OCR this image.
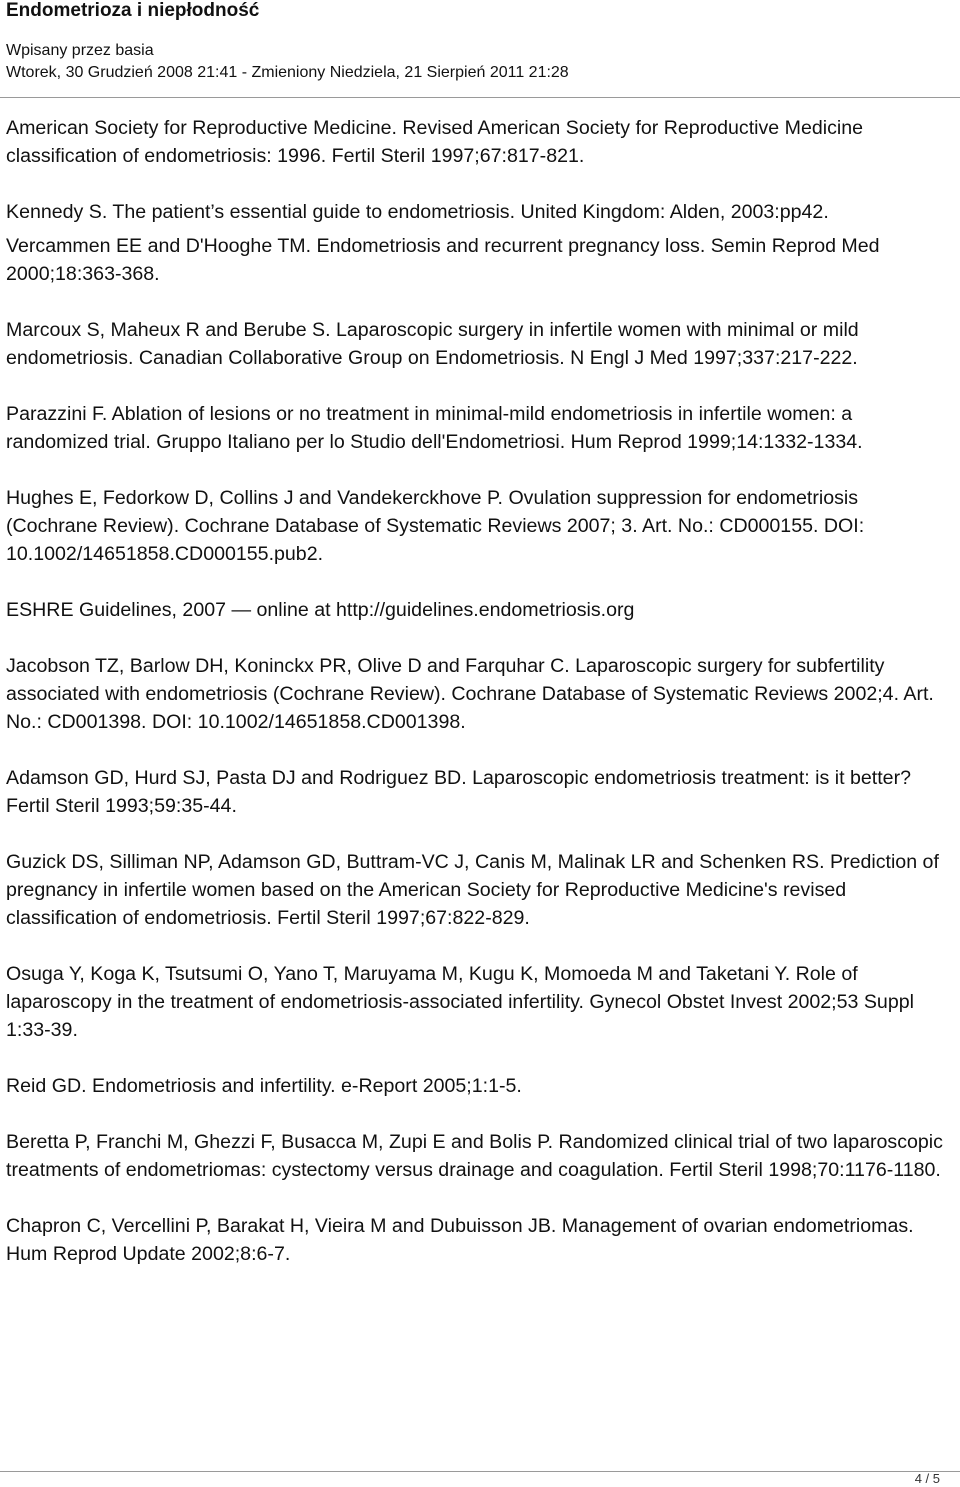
Endometrioza i niepłodność
Wpisany przez basia
Wtorek, 30 Grudzień 2008 21:41 - Zmieniony Niedziela, 21 Sierpień 2011 21:28

American Society for Reproductive Medicine. Revised American Society for Reproductive Medicine classification of endometriosis: 1996. Fertil Steril 1997;67:817-821.

Kennedy S. The patient’s essential guide to endometriosis. United Kingdom: Alden, 2003:pp42.

Vercammen EE and D'Hooghe TM. Endometriosis and recurrent pregnancy loss. Semin Reprod Med 2000;18:363-368.

Marcoux S, Maheux R and Berube S. Laparoscopic surgery in infertile women with minimal or mild endometriosis. Canadian Collaborative Group on Endometriosis. N Engl J Med 1997;337:217-222.

Parazzini F. Ablation of lesions or no treatment in minimal-mild endometriosis in infertile women: a randomized trial. Gruppo Italiano per lo Studio dell'Endometriosi. Hum Reprod 1999;14:1332-1334.

Hughes E, Fedorkow D, Collins J and Vandekerckhove P. Ovulation suppression for endometriosis (Cochrane Review). Cochrane Database of Systematic Reviews 2007; 3. Art. No.: CD000155. DOI: 10.1002/14651858.CD000155.pub2.

ESHRE Guidelines, 2007 — online at http://guidelines.endometriosis.org

Jacobson TZ, Barlow DH, Koninckx PR, Olive D and Farquhar C. Laparoscopic surgery for subfertility associated with endometriosis (Cochrane Review). Cochrane Database of Systematic Reviews 2002;4. Art. No.: CD001398. DOI: 10.1002/14651858.CD001398.

Adamson GD, Hurd SJ, Pasta DJ and Rodriguez BD. Laparoscopic endometriosis treatment: is it better? Fertil Steril 1993;59:35-44.

Guzick DS, Silliman NP, Adamson GD, Buttram-VC J, Canis M, Malinak LR and Schenken RS. Prediction of pregnancy in infertile women based on the American Society for Reproductive Medicine's revised classification of endometriosis. Fertil Steril 1997;67:822-829.

Osuga Y, Koga K, Tsutsumi O, Yano T, Maruyama M, Kugu K, Momoeda M and Taketani Y. Role of laparoscopy in the treatment of endometriosis-associated infertility. Gynecol Obstet Invest 2002;53 Suppl 1:33-39.

Reid GD. Endometriosis and infertility. e-Report 2005;1:1-5.

Beretta P, Franchi M, Ghezzi F, Busacca M, Zupi E and Bolis P. Randomized clinical trial of two laparoscopic treatments of endometriomas: cystectomy versus drainage and coagulation. Fertil Steril 1998;70:1176-1180.

Chapron C, Vercellini P, Barakat H, Vieira M and Dubuisson JB. Management of ovarian endometriomas. Hum Reprod Update 2002;8:6-7.

4 / 5
